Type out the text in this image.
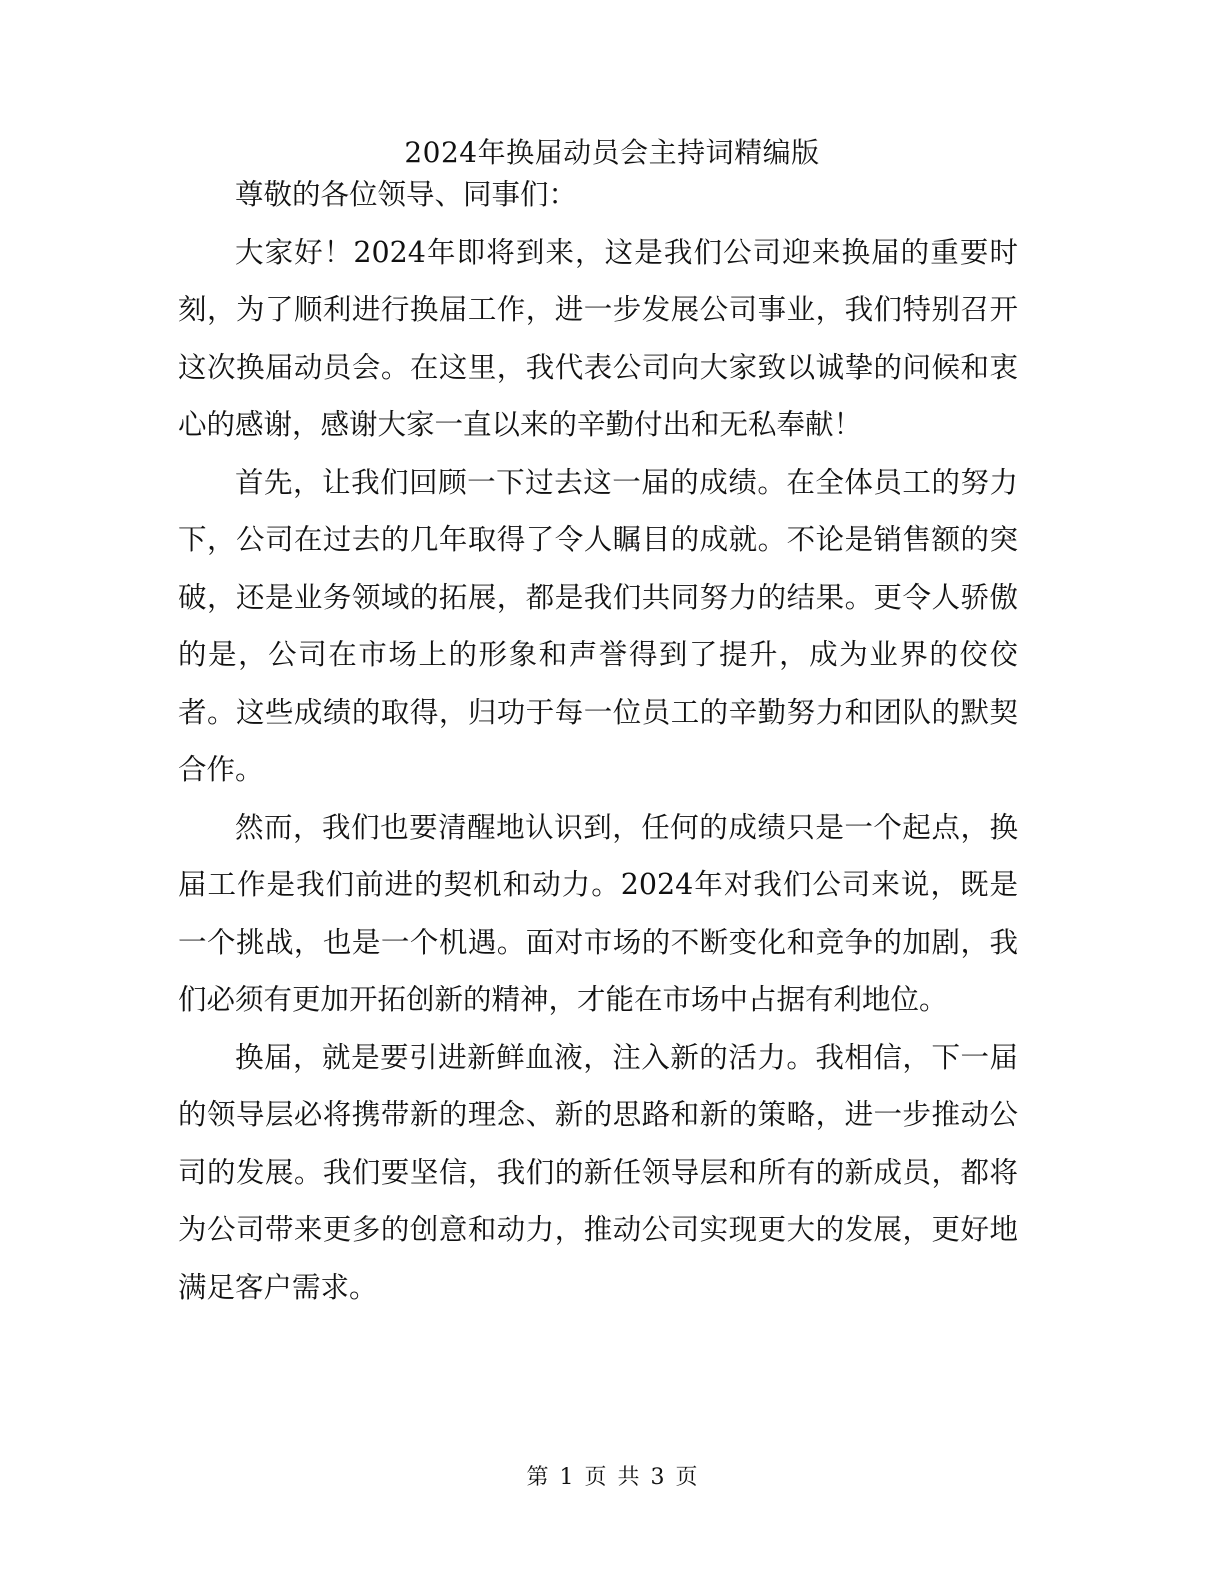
2024年换届动员会主持词精编版

尊敬的各位领导、同事们：

大家好！2024年即将到来，这是我们公司迎来换届的重要时刻，为了顺利进行换届工作，进一步发展公司事业，我们特别召开这次换届动员会。在这里，我代表公司向大家致以诚挚的问候和衷心的感谢，感谢大家一直以来的辛勤付出和无私奉献！

首先，让我们回顾一下过去这一届的成绩。在全体员工的努力下，公司在过去的几年取得了令人瞩目的成就。不论是销售额的突破，还是业务领域的拓展，都是我们共同努力的结果。更令人骄傲的是，公司在市场上的形象和声誉得到了提升，成为业界的佼佼者。这些成绩的取得，归功于每一位员工的辛勤努力和团队的默契合作。

然而，我们也要清醒地认识到，任何的成绩只是一个起点，换届工作是我们前进的契机和动力。2024年对我们公司来说，既是一个挑战，也是一个机遇。面对市场的不断变化和竞争的加剧，我们必须有更加开拓创新的精神，才能在市场中占据有利地位。

换届，就是要引进新鲜血液，注入新的活力。我相信，下一届的领导层必将携带新的理念、新的思路和新的策略，进一步推动公司的发展。我们要坚信，我们的新任领导层和所有的新成员，都将为公司带来更多的创意和动力，推动公司实现更大的发展，更好地满足客户需求。

第 1 页 共 3 页
